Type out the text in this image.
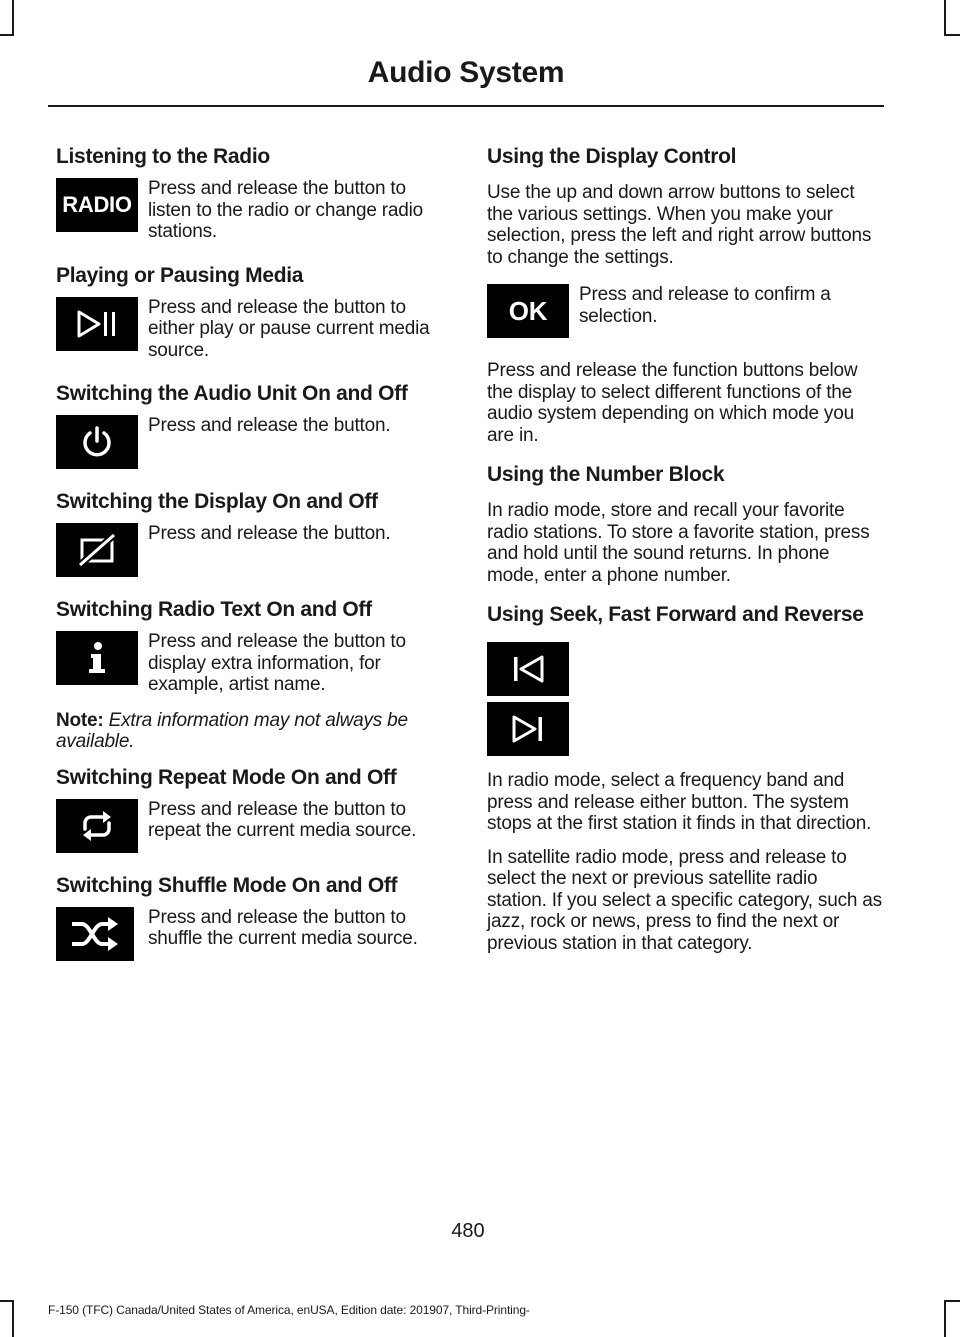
Audio System
Listening to the Radio
RADIO
Press and release the button to listen to the radio or change radio stations.
Playing or Pausing Media
Press and release the button to either play or pause current media source.
Switching the Audio Unit On and Off
Press and release the button.
Switching the Display On and Off
Press and release the button.
Switching Radio Text On and Off
Press and release the button to display extra information, for example, artist name.

Note: Extra information may not always be available.

Switching Repeat Mode On and Off
Press and release the button to repeat the current media source.
Switching Shuffle Mode On and Off
Press and release the button to shuffle the current media source.
Using the Display Control

Use the up and down arrow buttons to select the various settings. When you make your selection, press the left and right arrow buttons to change the settings.

OK
Press and release to confirm a selection.

Press and release the function buttons below the display to select different functions of the audio system depending on which mode you are in.

Using the Number Block

In radio mode, store and recall your favorite radio stations. To store a favorite station, press and hold until the sound returns. In phone mode, enter a phone number.

Using Seek, Fast Forward and Reverse

In radio mode, select a frequency band and press and release either button. The system stops at the first station it finds in that direction.

In satellite radio mode, press and release to select the next or previous satellite radio station. If you select a specific category, such as jazz, rock or news, press to find the next or previous station in that category.

480
F-150 (TFC) Canada/United States of America, enUSA, Edition date: 201907, Third-Printing-
